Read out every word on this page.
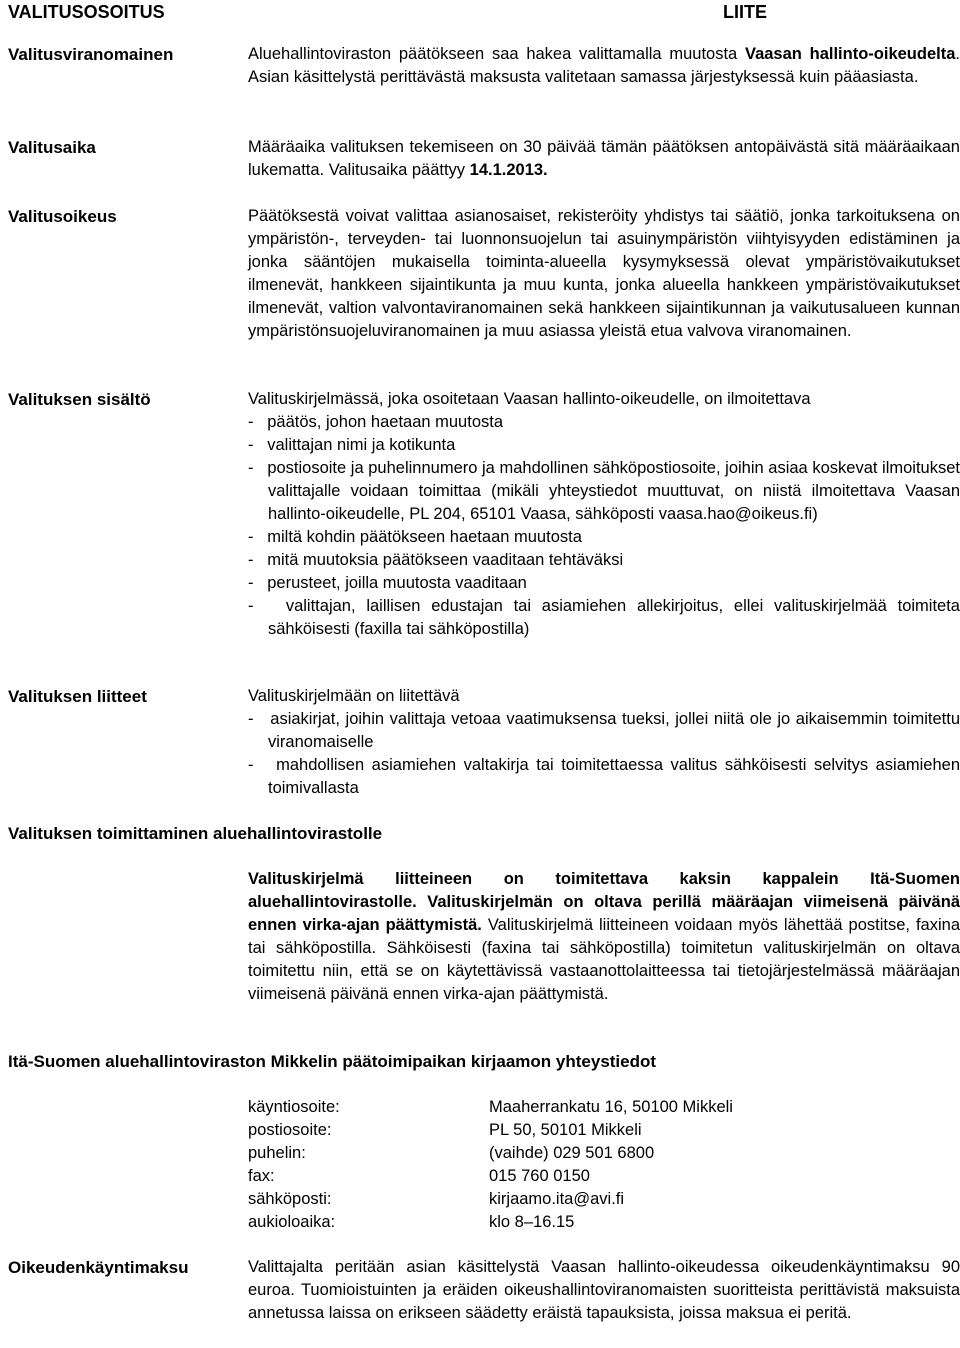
VALITUSOSOITUS	LIITE
Valitusviranomainen	Aluehallintoviraston päätökseen saa hakea valittamalla muutosta Vaasan hallinto-oikeudelta. Asian käsittelystä perittävästä maksusta valitetaan samassa järjestyksessä kuin pääasiasta.
Valitusaika	Määräaika valituksen tekemiseen on 30 päivää tämän päätöksen antopäivästä sitä määräaikaan lukematta. Valitusaika päättyy 14.1.2013.
Valitusoikeus	Päätöksestä voivat valittaa asianosaiset, rekisteröity yhdistys tai säätiö, jonka tarkoituksena on ympäristön-, terveyden- tai luonnonsuojelun tai asuinympäristön viihtyisyyden edistäminen ja jonka sääntöjen mukaisella toiminta-alueella kysymyksessä olevat ympäristövaikutukset ilmenevät, hankkeen sijaintikunta ja muu kunta, jonka alueella hankkeen ympäristövaikutukset ilmenevät, valtion valvontaviranomainen sekä hankkeen sijaintikunnan ja vaikutusalueen kunnan ympäristönsuojeluviranomainen ja muu asiassa yleistä etua valvova viranomainen.
Valituksen sisältö	Valituskirjelmässä, joka osoitetaan Vaasan hallinto-oikeudelle, on ilmoitettava
-   päätös, johon haetaan muutosta
-   valittajan nimi ja kotikunta
-   postiosoite ja puhelinnumero ja mahdollinen sähköpostiosoite, joihin asiaa koskevat ilmoitukset valittajalle voidaan toimittaa (mikäli yhteystiedot muuttuvat, on niistä ilmoitettava Vaasan hallinto-oikeudelle, PL 204, 65101 Vaasa, sähköposti vaasa.hao@oikeus.fi)
-   miltä kohdin päätökseen haetaan muutosta
-   mitä muutoksia päätökseen vaaditaan tehtäväksi
-   perusteet, joilla muutosta vaaditaan
-   valittajan, laillisen edustajan tai asiamiehen allekirjoitus, ellei valituskirjelmää toimiteta sähköisesti (faxilla tai sähköpostilla)
Valituksen liitteet	Valituskirjelmään on liitettävä
-   asiakirjat, joihin valittaja vetoaa vaatimuksensa tueksi, jollei niitä ole jo aikaisemmin toimitettu viranomaiselle
-   mahdollisen asiamiehen valtakirja tai toimitettaessa valitus sähköisesti selvitys asiamiehen toimivallasta
Valituksen toimittaminen aluehallintovirastolle
Valituskirjelmä liitteineen on toimitettava kaksin kappalein Itä-Suomen aluehallintovirastolle. Valituskirjelmän on oltava perillä määräajan viimeisenä päivänä ennen virka-ajan päättymistä. Valituskirjelmä liitteineen voidaan myös lähettää postitse, faxina tai sähköpostilla. Sähköisesti (faxina tai sähköpostilla) toimitetun valituskirjelmän on oltava toimitettu niin, että se on käytettävissä vastaanottolaitteessa tai tietojärjestelmässä määräajan viimeisenä päivänä ennen virka-ajan päättymistä.
Itä-Suomen aluehallintoviraston Mikkelin päätoimipaikan kirjaamon yhteystiedot
käyntiosoite:	Maaherrankatu 16, 50100 Mikkeli
postiosoite:	PL 50, 50101 Mikkeli
puhelin:	(vaihde) 029 501 6800
fax:	015 760 0150
sähköposti:	kirjaamo.ita@avi.fi
aukioloaika:	klo 8–16.15
Oikeudenkäyntimaksu	Valittajalta peritään asian käsittelystä Vaasan hallinto-oikeudessa oikeudenkäyntimaksu 90 euroa. Tuomioistuinten ja eräiden oikeushallintoviranomaisten suoritteista perittävistä maksuista annetussa laissa on erikseen säädetty eräistä tapauksista, joissa maksua ei peritä.
